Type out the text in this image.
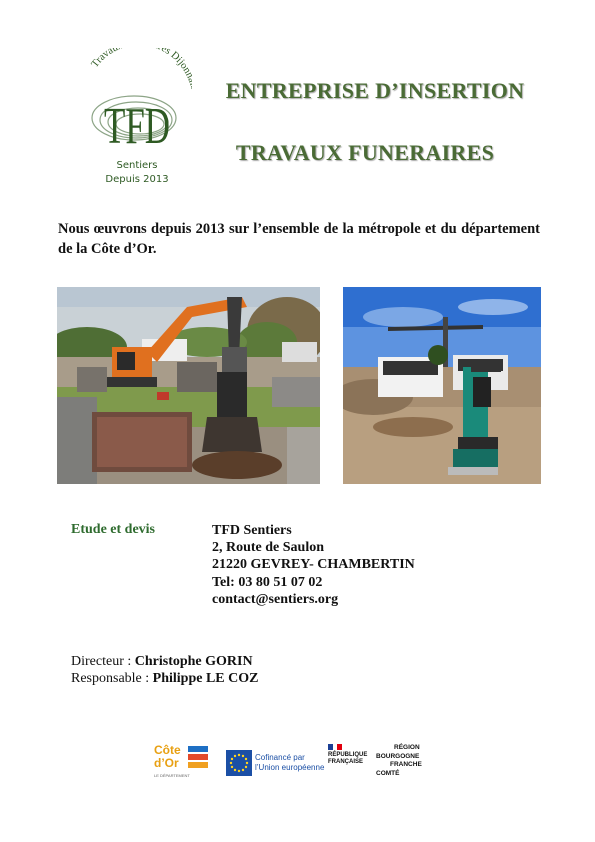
Travau es Dijon
TFD
Sentiers
Depuis 2013
ENTREPRISE D’INSERTION
TRAVAUX FUNERAIRES
Nous œuvrons depuis 2013 sur l’ensemble de la métropole et du département de la Côte d’Or.
Etude et devis	TFD Sentiers
2, Route de Saulon
21220 GEVREY- CHAMBERTIN
Tel: 03 80 51 07 02
contact@sentiers.org
Directeur : Christophe GORIN
Responsable : Philippe LE COZ
Côte
d’Or
LE DÉPARTEMENT
Cofinancé par
l’Union européenne
RÉPUBLIQUE
FRANÇAISE
RÉGION
BOURGOGNE
FRANCHE
COMTÉ
